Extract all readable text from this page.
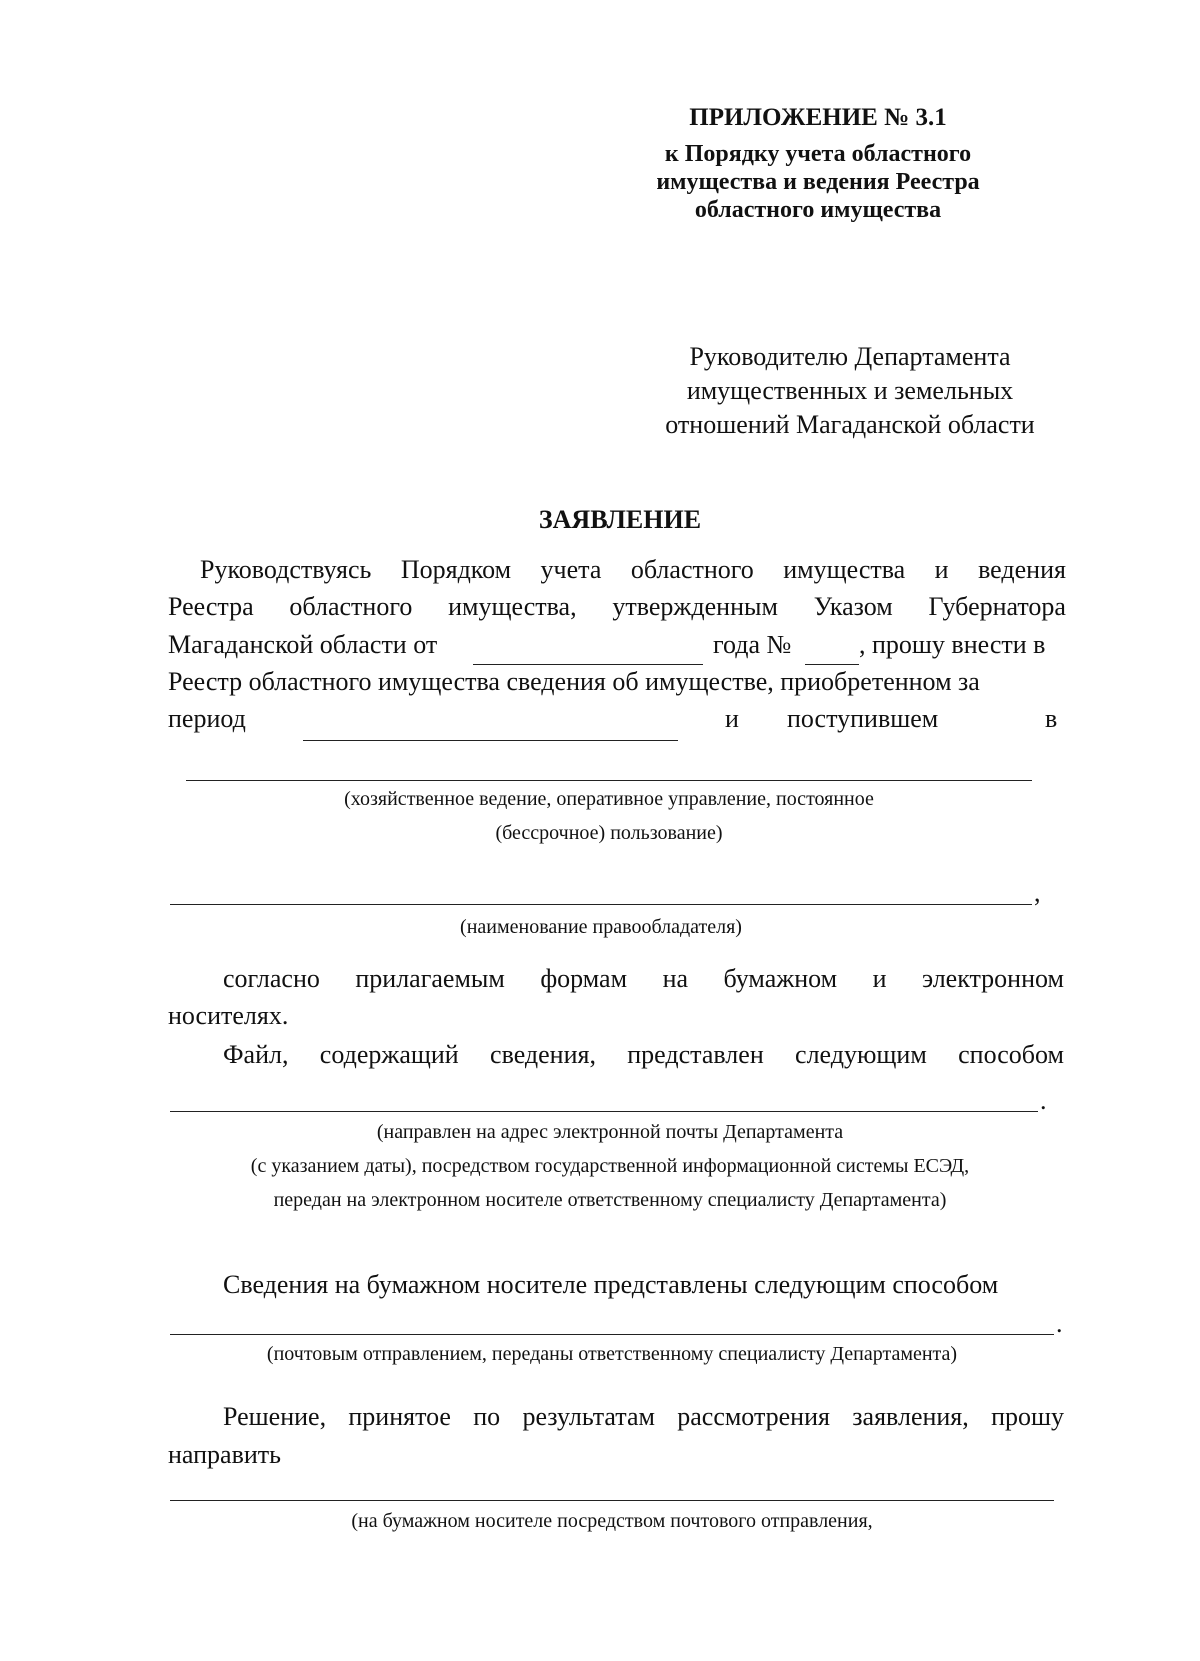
ПРИЛОЖЕНИЕ № 3.1
к Порядку учета областного
имущества и ведения Реестра
областного имущества
Руководителю Департамента
имущественных и земельных
отношений Магаданской области
ЗАЯВЛЕНИЕ
Руководствуясь Порядком учета областного имущества и ведения
Реестра областного имущества, утвержденным Указом Губернатора
Магаданской области от	года №	, прошу внести в
Реестр областного имущества сведения об имуществе, приобретенном за
период	и поступившем	в
(хозяйственное ведение, оперативное управление, постоянное
(бессрочное) пользование)
,
(наименование правообладателя)
согласно прилагаемым формам на бумажном и электронном
носителях.
Файл, содержащий сведения, представлен следующим способом
.
(направлен на адрес электронной почты Департамента
(с указанием даты), посредством государственной информационной системы ЕСЭД,
передан на электронном носителе ответственному специалисту Департамента)
Сведения на бумажном носителе представлены следующим способом
.
(почтовым отправлением, переданы ответственному специалисту Департамента)
Решение, принятое по результатам рассмотрения заявления, прошу
направить
(на бумажном носителе посредством почтового отправления,
